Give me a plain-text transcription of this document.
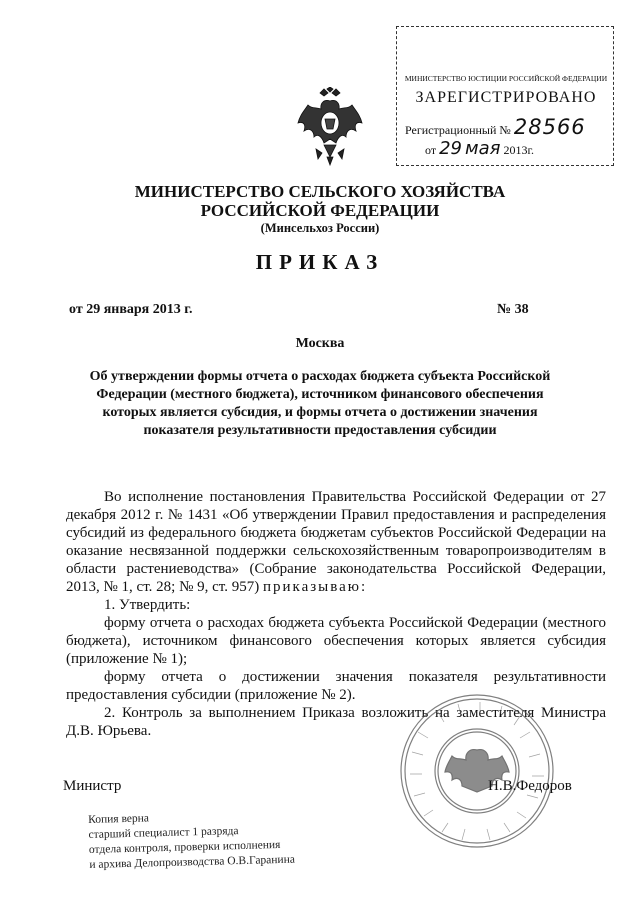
МИНИСТЕРСТВО ЮСТИЦИИ РОССИЙСКОЙ ФЕДЕРАЦИИ
ЗАРЕГИСТРИРОВАНО
Регистрационный № 28566
от 29 мая 2013г.
МИНИСТЕРСТВО СЕЛЬСКОГО ХОЗЯЙСТВА
РОССИЙСКОЙ ФЕДЕРАЦИИ
(Минсельхоз России)
ПРИКАЗ
от 29 января 2013 г.	№ 38
Москва
Об утверждении формы отчета о расходах бюджета субъекта Российской Федерации (местного бюджета), источником финансового обеспечения которых является субсидия, и формы отчета о достижении значения показателя результативности предоставления субсидии

Во исполнение постановления Правительства Российской Федерации от 27 декабря 2012 г. № 1431 «Об утверждении Правил предоставления и распределения субсидий из федерального бюджета бюджетам субъектов Российской Федерации на оказание несвязанной поддержки сельскохозяйственным товаропроизводителям в области растениеводства» (Собрание законодательства Российской Федерации, 2013, № 1, ст. 28; № 9, ст. 957) приказываю:

1. Утвердить:

форму отчета о расходах бюджета субъекта Российской Федерации (местного бюджета), источником финансового обеспечения которых является субсидия (приложение № 1);

форму отчета о достижении значения показателя результативности предоставления субсидии (приложение № 2).

2. Контроль за выполнением Приказа возложить на заместителя Министра Д.В. Юрьева.

Министр	Н.В.Федоров
Копия верна
старший специалист 1 разряда
отдела контроля, проверки исполнения
и архива Делопроизводства О.В.Гаранина
